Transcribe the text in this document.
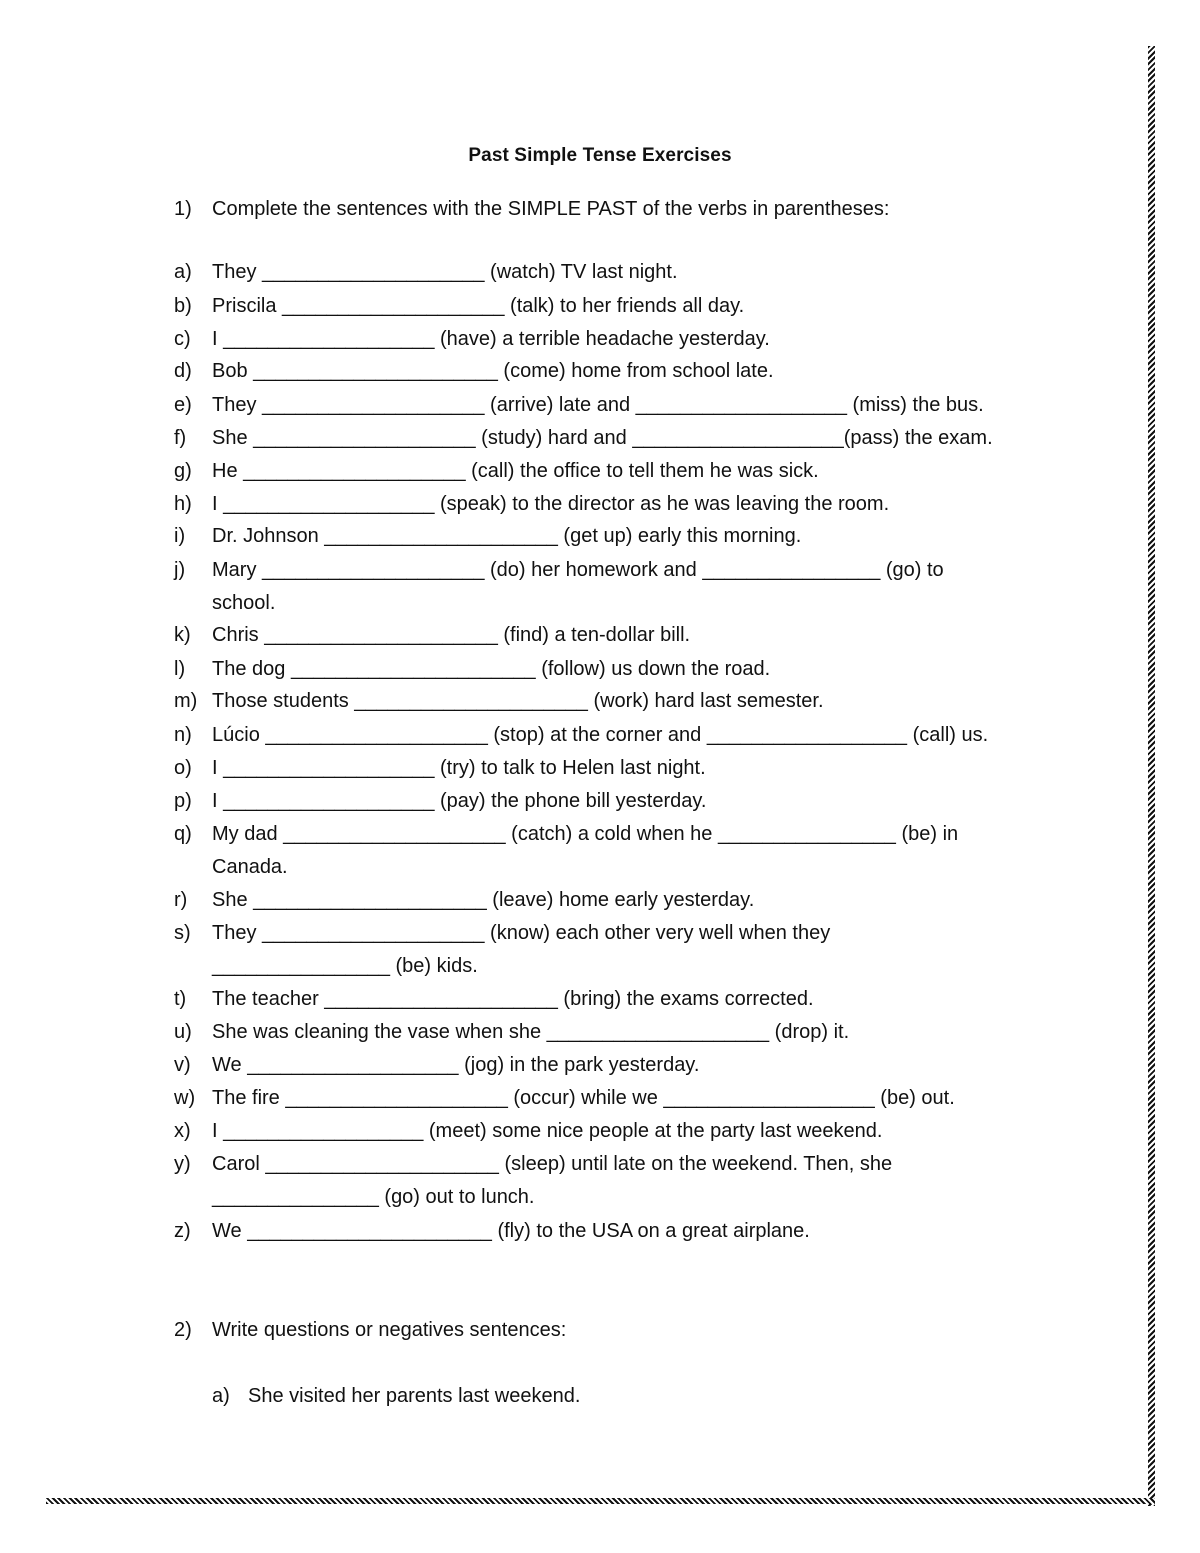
Past Simple Tense Exercises
1) Complete the sentences with the SIMPLE PAST of the verbs in parentheses:
a) They ____________________ (watch) TV last night.
b) Priscila ____________________ (talk) to her friends all day.
c) I ___________________ (have) a terrible headache yesterday.
d) Bob ______________________ (come) home from school late.
e) They ____________________ (arrive) late and ___________________ (miss) the bus.
f) She ____________________ (study) hard and ___________________(pass) the exam.
g) He ____________________ (call) the office to tell them he was sick.
h) I ___________________ (speak) to the director as he was leaving the room.
i) Dr. Johnson _____________________ (get up) early this morning.
j) Mary ____________________ (do) her homework and ________________ (go) to
school.
k) Chris _____________________ (find) a ten-dollar bill.
l) The dog ______________________ (follow) us down the road.
m) Those students _____________________ (work) hard last semester.
n) Lúcio ____________________ (stop) at the corner and __________________ (call) us.
o) I ___________________ (try) to talk to Helen last night.
p) I ___________________ (pay) the phone bill yesterday.
q) My dad ____________________ (catch) a cold when he ________________ (be) in
Canada.
r) She _____________________ (leave) home early yesterday.
s) They ____________________ (know) each other very well when they
________________ (be) kids.
t) The teacher _____________________ (bring) the exams corrected.
u) She was cleaning the vase when she ____________________ (drop) it.
v) We ___________________ (jog) in the park yesterday.
w) The fire ____________________ (occur) while we ___________________ (be) out.
x) I __________________ (meet) some nice people at the party last weekend.
y) Carol _____________________ (sleep) until late on the weekend. Then, she
_______________ (go) out to lunch.
z) We ______________________ (fly) to the USA on a great airplane.
2) Write questions or negatives sentences:
a) She visited her parents last weekend.
